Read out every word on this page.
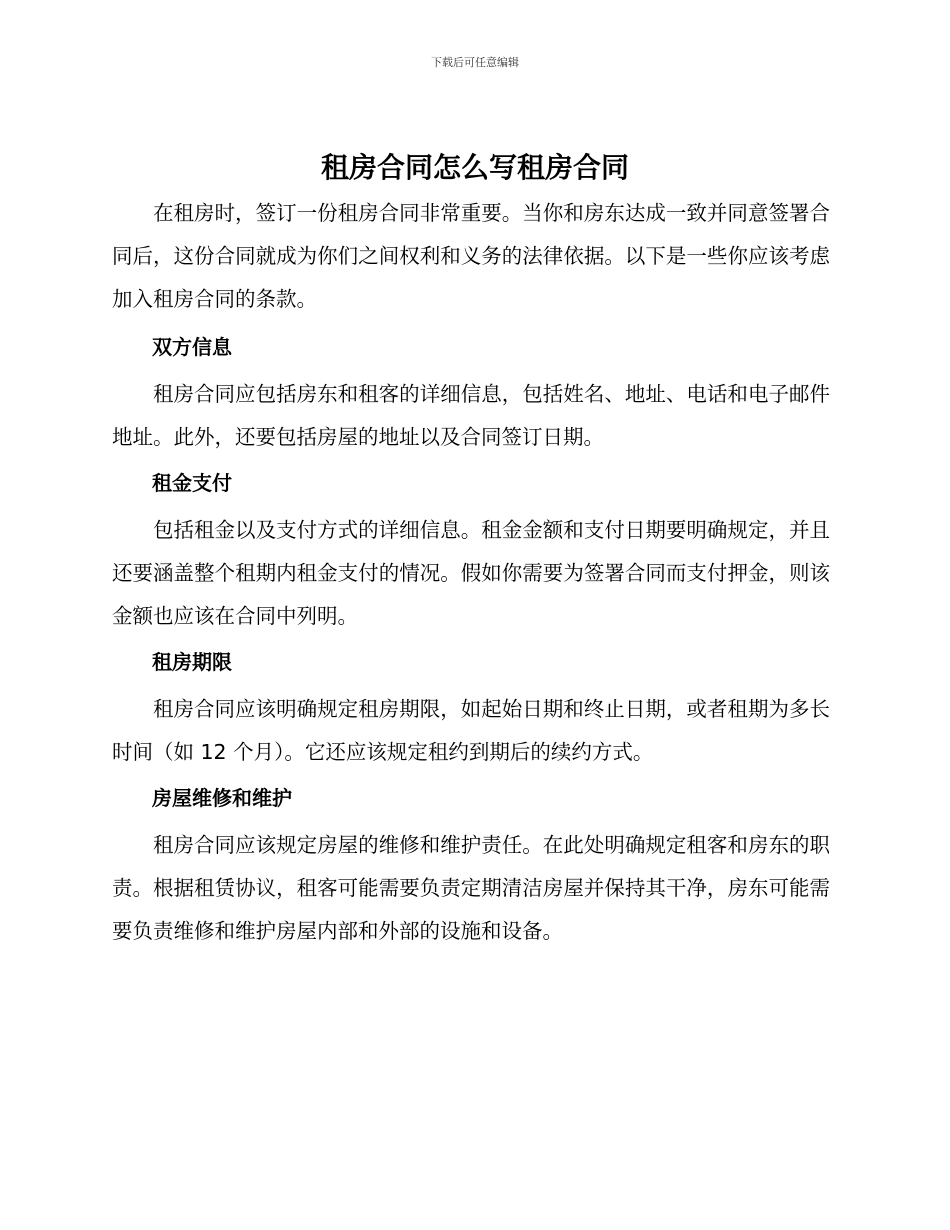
下载后可任意编辑
租房合同怎么写租房合同

在租房时，签订一份租房合同非常重要。当你和房东达成一致并同意签署合同后，这份合同就成为你们之间权利和义务的法律依据。以下是一些你应该考虑加入租房合同的条款。

双方信息

租房合同应包括房东和租客的详细信息，包括姓名、地址、电话和电子邮件地址。此外，还要包括房屋的地址以及合同签订日期。

租金支付

包括租金以及支付方式的详细信息。租金金额和支付日期要明确规定，并且还要涵盖整个租期内租金支付的情况。假如你需要为签署合同而支付押金，则该金额也应该在合同中列明。

租房期限

租房合同应该明确规定租房期限，如起始日期和终止日期，或者租期为多长时间（如 12 个月）。它还应该规定租约到期后的续约方式。

房屋维修和维护

租房合同应该规定房屋的维修和维护责任。在此处明确规定租客和房东的职责。根据租赁协议，租客可能需要负责定期清洁房屋并保持其干净，房东可能需要负责维修和维护房屋内部和外部的设施和设备。
